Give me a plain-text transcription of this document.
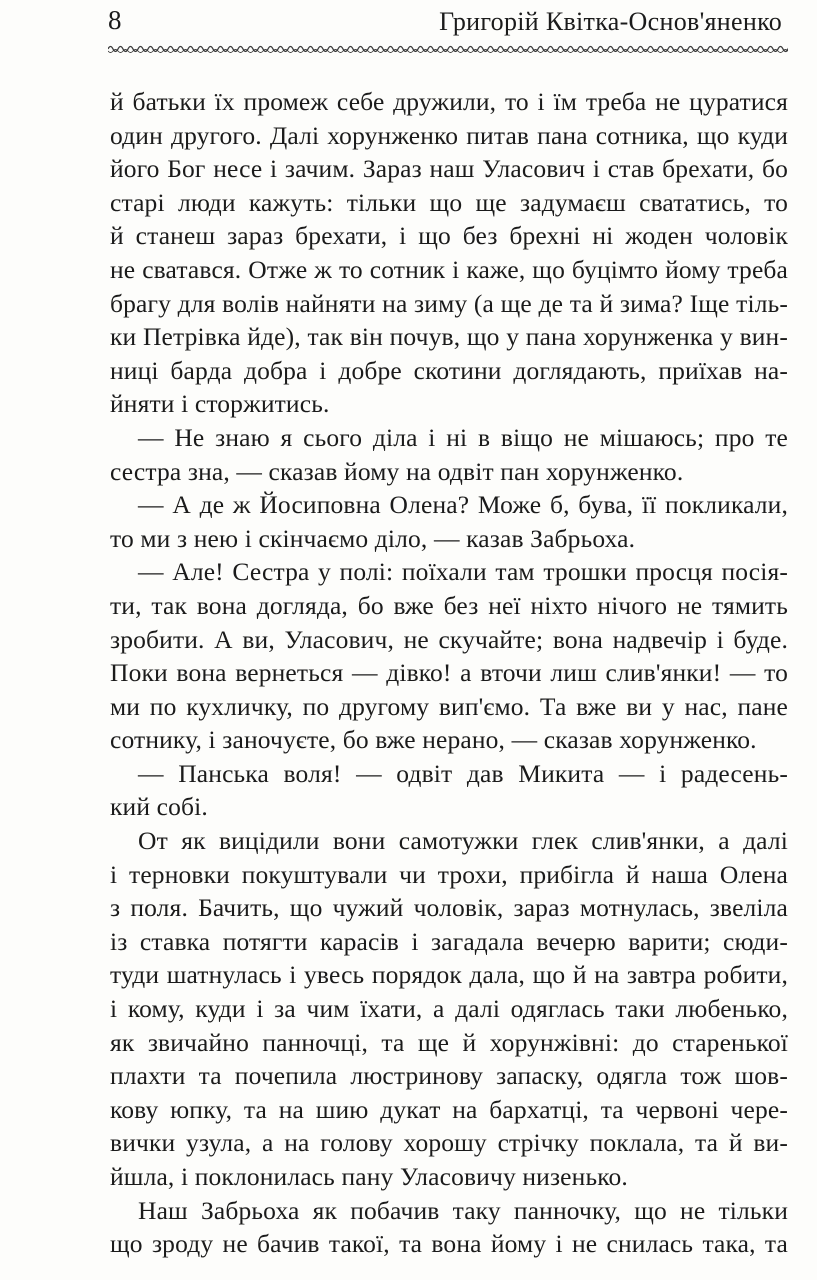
8	Григорій Квітка-Основ'яненко
й батьки їх промеж себе дружили, то і їм треба не цуратися
один другого. Далі хорунженко питав пана сотника, що куди
його Бог несе і зачим. Зараз наш Уласович і став брехати, бо
старі люди кажуть: тільки що ще задумаєш сватaтись, то
й станеш зараз брехати, і що без брехні ні жоден чоловік
не сватався. Отже ж то сотник і каже, що буцімто йому треба
брагу для волів найняти на зиму (а ще де та й зима? Іще тіль-
ки Петрівка йде), так він почув, що у пана хорунженка у вин-
ниці барда добра і добре скотини доглядають, приїхав на-
йняти і сторжитись.
— Не знаю я сього діла і ні в віщо не мішаюсь; про те
сестра зна, — сказав йому на одвіт пан хорунженко.
— А де ж Йосиповна Олена? Може б, бува, її покликали,
то ми з нею і скінчаємо діло, — казав Забрьоха.
— Але! Сестра у полі: поїхали там трошки просця посія-
ти, так вона догляда, бо вже без неї ніхто нічого не тямить
зробити. А ви, Уласович, не скучайте; вона надвечір і буде.
Поки вона вернеться — дівко! а вточи лиш слив'янки! — то
ми по кухличку, по другому вип'ємо. Та вже ви у нас, пане
сотнику, і заночуєте, бо вже нерано, — сказав хорунженко.
— Панська воля! — одвіт дав Микита — і радесень-
кий собі.
От як вицідили вони самотужки глек слив'янки, а далі
і терновки покуштували чи трохи, прибігла й наша Олена
з поля. Бачить, що чужий чоловік, зараз мотнулась, звеліла
із ставка потягти карасів і загадала вечерю варити; сюди-
туди шатнулась і увесь порядок дала, що й на завтра робити,
і кому, куди і за чим їхати, а далі одяглась таки любенько,
як звичайно панночці, та ще й хорунжівні: до старенької
плахти та почепила люстринову запаску, одягла тож шов-
кову юпку, та на шию дукат на бархатці, та червоні чере-
вички узула, а на голову хорошу стрічку поклала, та й ви-
йшла, і поклонилась пану Уласовичу низенько.
Наш Забрьоха як побачив таку панночку, що не тільки
що зроду не бачив такої, та вона йому і не снилась така, та
